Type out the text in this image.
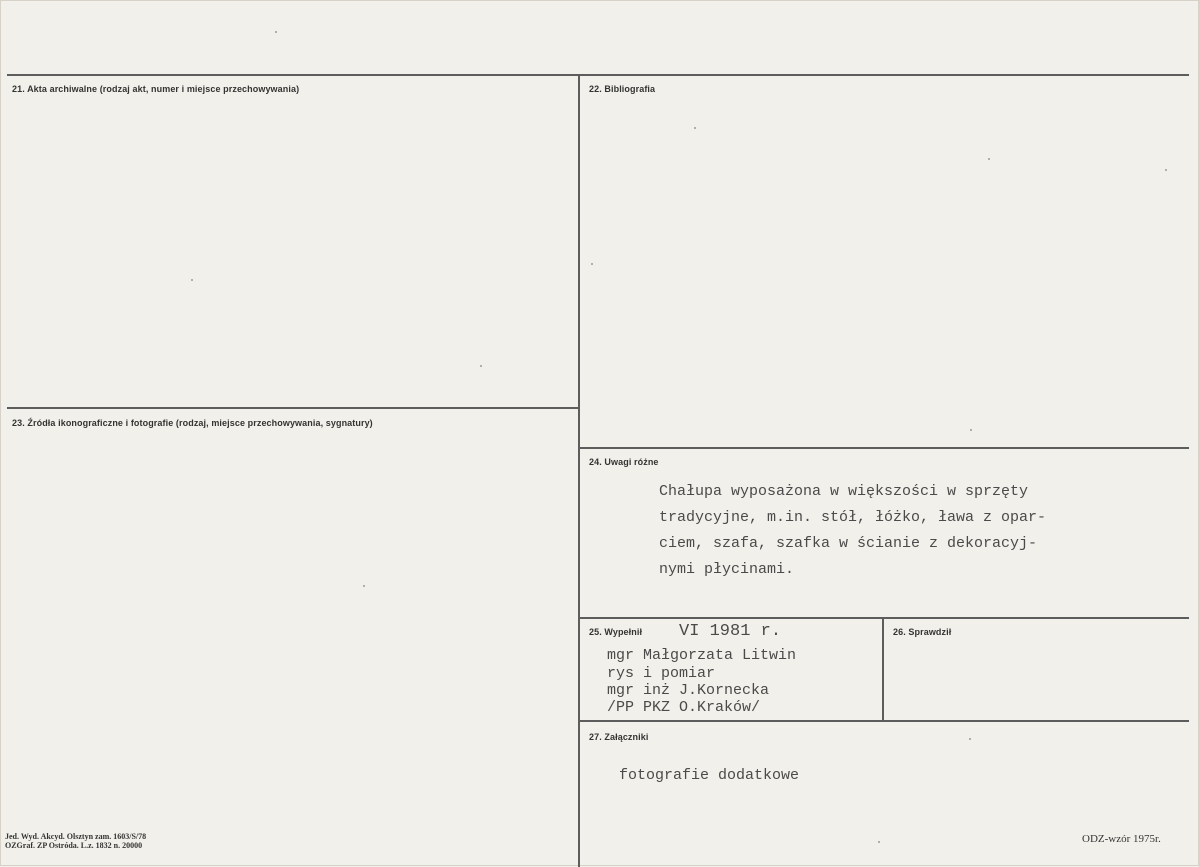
21. Akta archiwalne (rodzaj akt, numer i miejsce przechowywania)	22. Bibliografia
23. Źródła ikonograficzne i fotografie (rodzaj, miejsce przechowywania, sygnatury)
24. Uwagi różne
25. Wypełnił	26. Sprawdził
27. Załączniki
Chałupa wyposażona w większości w sprzęty
tradycyjne, m.in. stół, łóżko, ława z opar-
ciem, szafa, szafka w ścianie z dekoracyj-
nymi płycinami.
VI 1981 r.
mgr Małgorzata Litwin
rys i pomiar
mgr inż J.Kornecka
/PP PKZ O.Kraków/
fotografie dodatkowe
Jed. Wyd. Akcyd. Olsztyn zam. 1603/S/78
OZGraf. ZP Ostróda. L.z. 1832 n. 20000
ODZ-wzór 1975r.
